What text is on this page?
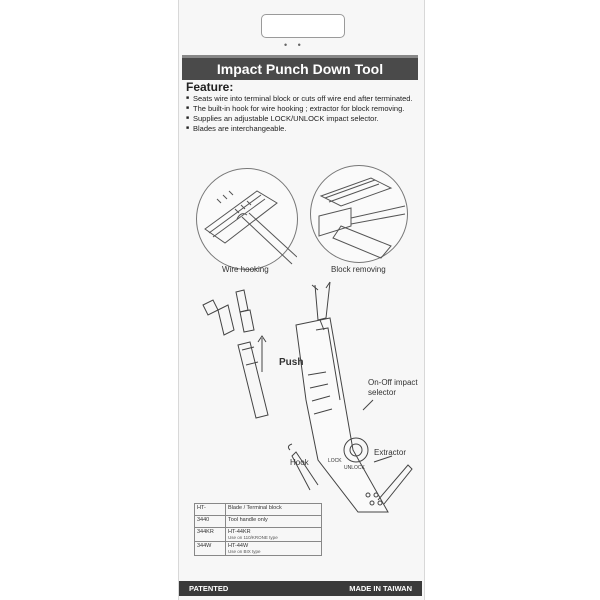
• •
Impact Punch Down Tool
Feature:
■ Seats wire into terminal block or cuts off wire end after terminated.
■ The built-in hook for wire hooking ; extractor for block removing.
■ Supplies an adjustable LOCK/UNLOCK impact selector.
■ Blades are interchangeable.
Wire hooking	Block removing
Push
LOCK
UNLOCK
On-Off impact selector
Hook
Extractor
HT-	Blade / Terminal block
3440	Tool handle only
344KR	HT-44KR
Use on 110/KRONE type

344W	HT-44W
Use on BIX type
PATENTED	MADE IN TAIWAN
